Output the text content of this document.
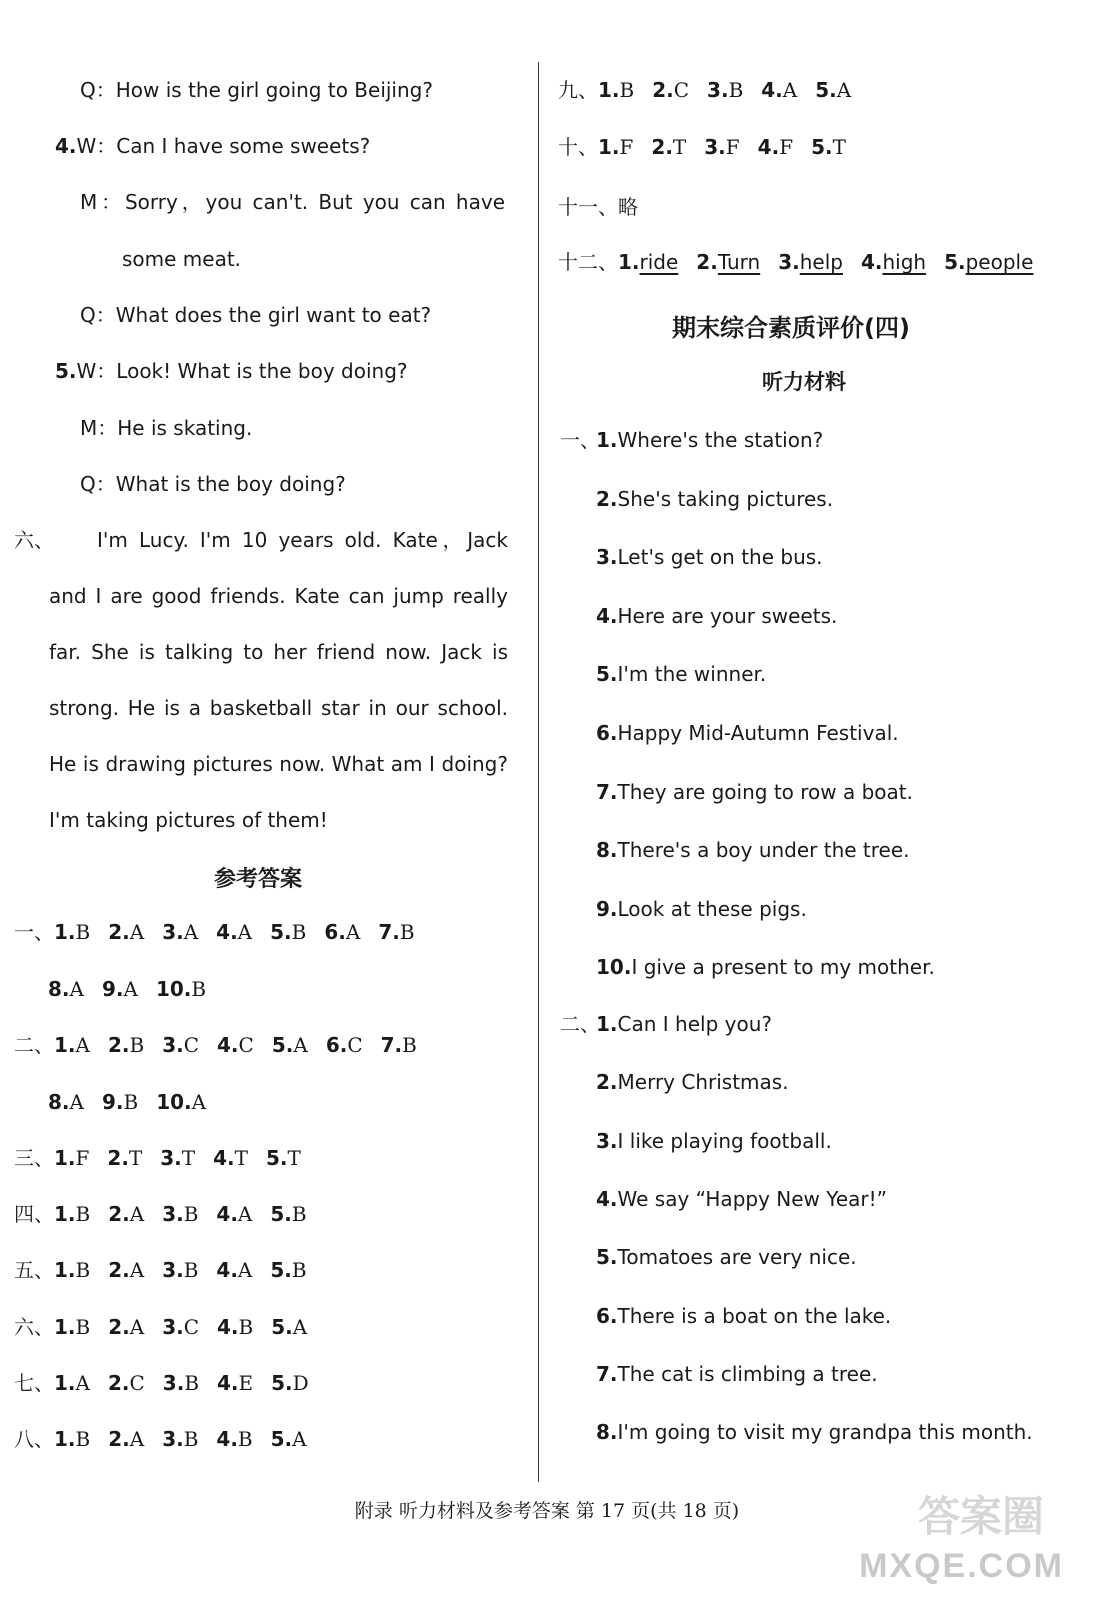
Q：How is the girl going to Beijing?
4.W：Can I have some sweets?
M：Sorry，you can't. But you can have
some meat.
Q：What does the girl want to eat?
5.W：Look! What is the boy doing?
M：He is skating.
Q：What is the boy doing?
六、 I'm Lucy. I'm 10 years old. Kate，Jack
and I are good friends. Kate can jump really
far. She is talking to her friend now. Jack is
strong. He is a basketball star in our school.
He is drawing pictures now. What am I doing?
I'm taking pictures of them!
参考答案
一、1.B 2.A 3.A 4.A 5.B 6.A 7.B
8.A 9.A 10.B
二、1.A 2.B 3.C 4.C 5.A 6.C 7.B
8.A 9.B 10.A
三、1.F 2.T 3.T 4.T 5.T
四、1.B 2.A 3.B 4.A 5.B
五、1.B 2.A 3.B 4.A 5.B
六、1.B 2.A 3.C 4.B 5.A
七、1.A 2.C 3.B 4.E 5.D
八、1.B 2.A 3.B 4.B 5.A
九、1.B 2.C 3.B 4.A 5.A
十、1.F 2.T 3.F 4.F 5.T
十一、略
十二、1.ride 2.Turn 3.help 4.high 5.people
期末综合素质评价(四)
听力材料
一、
1.Where's the station?
2.She's taking pictures.
3.Let's get on the bus.
4.Here are your sweets.
5.I'm the winner.
6.Happy Mid-Autumn Festival.
7.They are going to row a boat.
8.There's a boy under the tree.
9.Look at these pigs.
10.I give a present to my mother.
二、
1.Can I help you?
2.Merry Christmas.
3.I like playing football.
4.We say “Happy New Year!”
5.Tomatoes are very nice.
6.There is a boat on the lake.
7.The cat is climbing a tree.
8.I'm going to visit my grandpa this month.
附录 听力材料及参考答案 第 17 页(共 18 页)	答案圈
MXQE.COM
